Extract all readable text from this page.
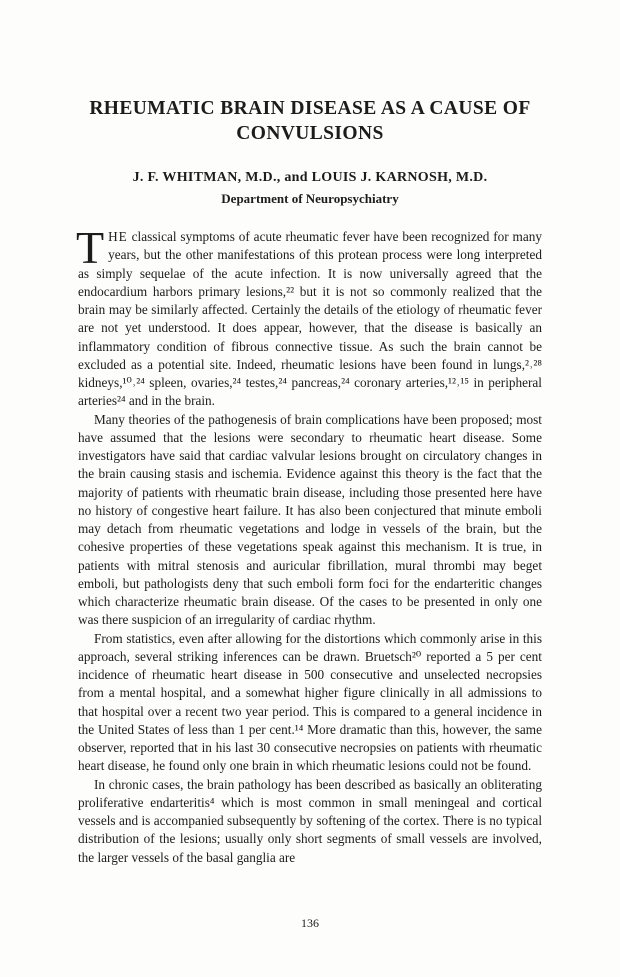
RHEUMATIC BRAIN DISEASE AS A CAUSE OF CONVULSIONS

J. F. WHITMAN, M.D., and LOUIS J. KARNOSH, M.D.

Department of Neuropsychiatry

THE classical symptoms of acute rheumatic fever have been recognized for many years, but the other manifestations of this protean process were long interpreted as simply sequelae of the acute infection. It is now universally agreed that the endocardium harbors primary lesions,²² but it is not so commonly realized that the brain may be similarly affected. Certainly the details of the etiology of rheumatic fever are not yet understood. It does appear, however, that the disease is basically an inflammatory condition of fibrous connective tissue. As such the brain cannot be excluded as a potential site. Indeed, rheumatic lesions have been found in lungs,²˒²⁸ kidneys,¹⁰˒²⁴ spleen, ovaries,²⁴ testes,²⁴ pancreas,²⁴ coronary arteries,¹²˒¹⁵ in peripheral arteries²⁴ and in the brain.

Many theories of the pathogenesis of brain complications have been proposed; most have assumed that the lesions were secondary to rheumatic heart disease. Some investigators have said that cardiac valvular lesions brought on circulatory changes in the brain causing stasis and ischemia. Evidence against this theory is the fact that the majority of patients with rheumatic brain disease, including those presented here have no history of congestive heart failure. It has also been conjectured that minute emboli may detach from rheumatic vegetations and lodge in vessels of the brain, but the cohesive properties of these vegetations speak against this mechanism. It is true, in patients with mitral stenosis and auricular fibrillation, mural thrombi may beget emboli, but pathologists deny that such emboli form foci for the endarteritic changes which characterize rheumatic brain disease. Of the cases to be presented in only one was there suspicion of an irregularity of cardiac rhythm.

From statistics, even after allowing for the distortions which commonly arise in this approach, several striking inferences can be drawn. Bruetsch²⁰ reported a 5 per cent incidence of rheumatic heart disease in 500 consecutive and unselected necropsies from a mental hospital, and a somewhat higher figure clinically in all admissions to that hospital over a recent two year period. This is compared to a general incidence in the United States of less than 1 per cent.¹⁴ More dramatic than this, however, the same observer, reported that in his last 30 consecutive necropsies on patients with rheumatic heart disease, he found only one brain in which rheumatic lesions could not be found.

In chronic cases, the brain pathology has been described as basically an obliterating proliferative endarteritis⁴ which is most common in small meningeal and cortical vessels and is accompanied subsequently by softening of the cortex. There is no typical distribution of the lesions; usually only short segments of small vessels are involved, the larger vessels of the basal ganglia are

136
